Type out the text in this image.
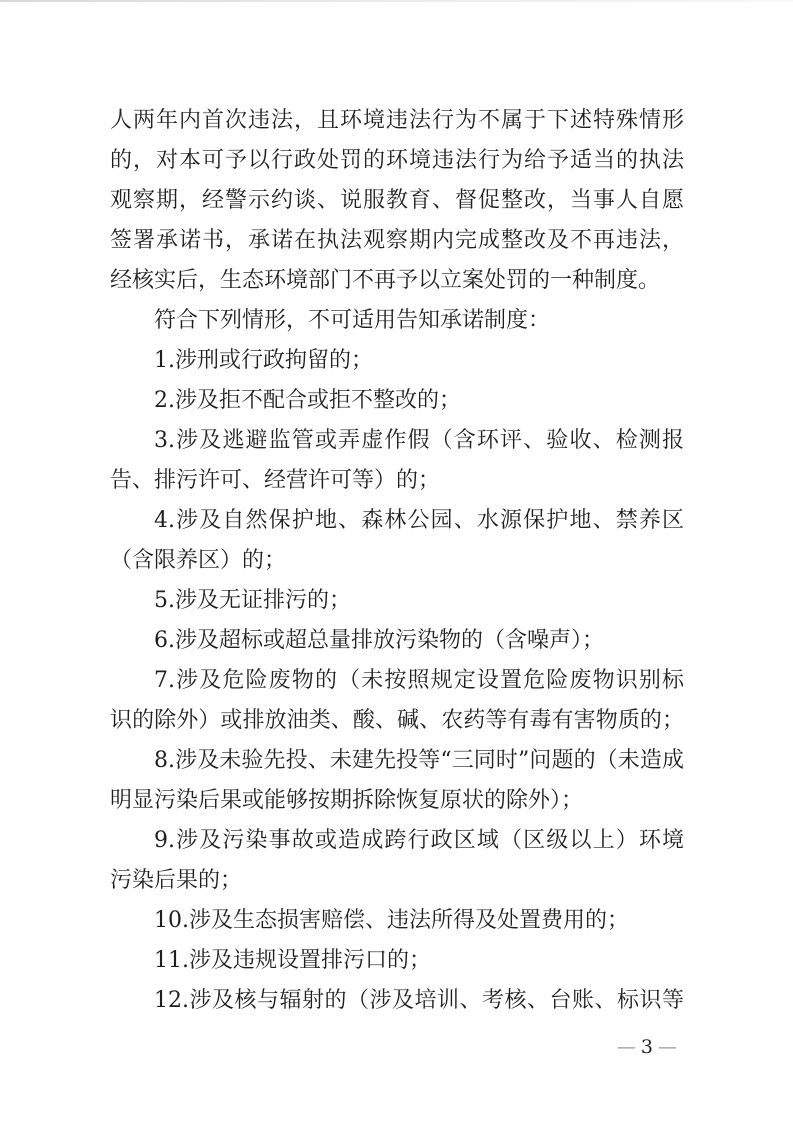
人两年内首次违法，且环境违法行为不属于下述特殊情形
的，对本可予以行政处罚的环境违法行为给予适当的执法
观察期，经警示约谈、说服教育、督促整改，当事人自愿
签署承诺书，承诺在执法观察期内完成整改及不再违法，
经核实后，生态环境部门不再予以立案处罚的一种制度。
符合下列情形，不可适用告知承诺制度：
1.涉刑或行政拘留的；
2.涉及拒不配合或拒不整改的；
3.涉及逃避监管或弄虚作假（含环评、验收、检测报
告、排污许可、经营许可等）的；
4.涉及自然保护地、森林公园、水源保护地、禁养区
（含限养区）的；
5.涉及无证排污的；
6.涉及超标或超总量排放污染物的（含噪声）；
7.涉及危险废物的（未按照规定设置危险废物识别标
识的除外）或排放油类、酸、碱、农药等有毒有害物质的；
8.涉及未验先投、未建先投等“三同时”问题的（未造成
明显污染后果或能够按期拆除恢复原状的除外）；
9.涉及污染事故或造成跨行政区域（区级以上）环境
污染后果的；
10.涉及生态损害赔偿、违法所得及处置费用的；
11.涉及违规设置排污口的；
12.涉及核与辐射的（涉及培训、考核、台账、标识等
— 3 —
